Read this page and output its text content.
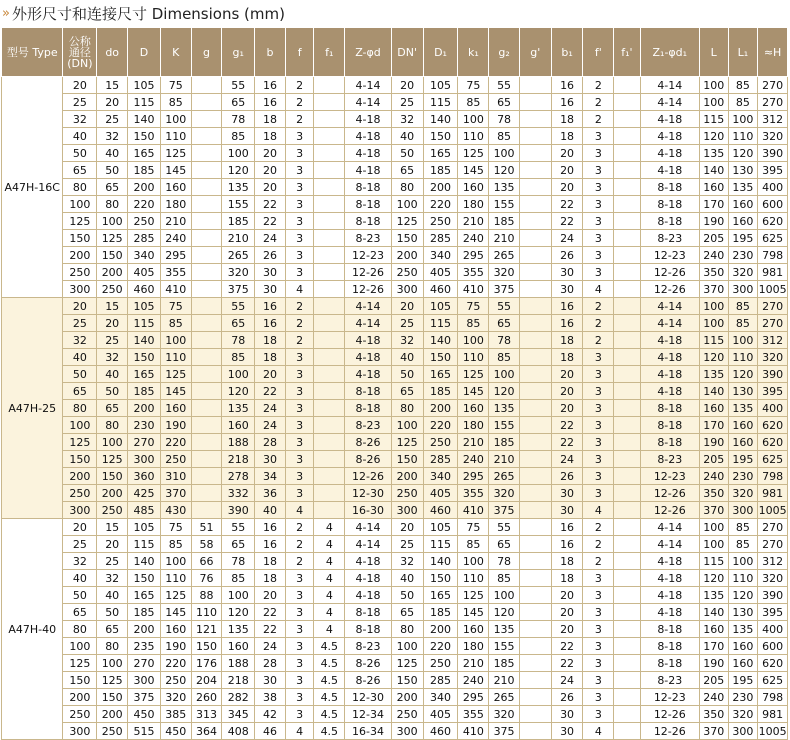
» 外形尺寸和连接尺寸 Dimensions (mm)
型号 Type	公称通径 (DN)	do	D	K	g	g₁	b	f	f₁	Z-φd	DN'	D₁	k₁	g₂	g'	b₁	f'	f₁'	Z₁-φd₁	L	L₁	≈H
A47H-16C	20	15	105	75		55	16	2		4-14	20	105	75	55		16	2		4-14	100	85	270
	25	20	115	85		65	16	2		4-14	25	115	85	65		16	2		4-14	100	85	270
	32	25	140	100		78	18	2		4-18	32	140	100	78		18	2		4-18	115	100	312
	40	32	150	110		85	18	3		4-18	40	150	110	85		18	3		4-18	120	110	320
	50	40	165	125		100	20	3		4-18	50	165	125	100		20	3		4-18	135	120	390
	65	50	185	145		120	20	3		4-18	65	185	145	120		20	3		4-18	140	130	395
	80	65	200	160		135	20	3		8-18	80	200	160	135		20	3		8-18	160	135	400
	100	80	220	180		155	22	3		8-18	100	220	180	155		22	3		8-18	170	160	600
	125	100	250	210		185	22	3		8-18	125	250	210	185		22	3		8-18	190	160	620
	150	125	285	240		210	24	3		8-23	150	285	240	210		24	3		8-23	205	195	625
	200	150	340	295		265	26	3		12-23	200	340	295	265		26	3		12-23	240	230	798
	250	200	405	355		320	30	3		12-26	250	405	355	320		30	3		12-26	350	320	981
	300	250	460	410		375	30	4		12-26	300	460	410	375		30	4		12-26	370	300	1005
A47H-25	20	15	105	75		55	16	2		4-14	20	105	75	55		16	2		4-14	100	85	270
	25	20	115	85		65	16	2		4-14	25	115	85	65		16	2		4-14	100	85	270
	32	25	140	100		78	18	2		4-18	32	140	100	78		18	2		4-18	115	100	312
	40	32	150	110		85	18	3		4-18	40	150	110	85		18	3		4-18	120	110	320
	50	40	165	125		100	20	3		4-18	50	165	125	100		20	3		4-18	135	120	390
	65	50	185	145		120	22	3		8-18	65	185	145	120		20	3		4-18	140	130	395
	80	65	200	160		135	24	3		8-18	80	200	160	135		20	3		8-18	160	135	400
	100	80	230	190		160	24	3		8-23	100	220	180	155		22	3		8-18	170	160	620
	125	100	270	220		188	28	3		8-26	125	250	210	185		22	3		8-18	190	160	620
	150	125	300	250		218	30	3		8-26	150	285	240	210		24	3		8-23	205	195	625
	200	150	360	310		278	34	3		12-26	200	340	295	265		26	3		12-23	240	230	798
	250	200	425	370		332	36	3		12-30	250	405	355	320		30	3		12-26	350	320	981
	300	250	485	430		390	40	4		16-30	300	460	410	375		30	4		12-26	370	300	1005
A47H-40	20	15	105	75	51	55	16	2	4	4-14	20	105	75	55		16	2		4-14	100	85	270
	25	20	115	85	58	65	16	2	4	4-14	25	115	85	65		16	2		4-14	100	85	270
	32	25	140	100	66	78	18	2	4	4-18	32	140	100	78		18	2		4-18	115	100	312
	40	32	150	110	76	85	18	3	4	4-18	40	150	110	85		18	3		4-18	120	110	320
	50	40	165	125	88	100	20	3	4	4-18	50	165	125	100		20	3		4-18	135	120	390
	65	50	185	145	110	120	22	3	4	8-18	65	185	145	120		20	3		4-18	140	130	395
	80	65	200	160	121	135	22	3	4	8-18	80	200	160	135		20	3		8-18	160	135	400
	100	80	235	190	150	160	24	3	4.5	8-23	100	220	180	155		22	3		8-18	170	160	600
	125	100	270	220	176	188	28	3	4.5	8-26	125	250	210	185		22	3		8-18	190	160	620
	150	125	300	250	204	218	30	3	4.5	8-26	150	285	240	210		24	3		8-23	205	195	625
	200	150	375	320	260	282	38	3	4.5	12-30	200	340	295	265		26	3		12-23	240	230	798
	250	200	450	385	313	345	42	3	4.5	12-34	250	405	355	320		30	3		12-26	350	320	981
	300	250	515	450	364	408	46	4	4.5	16-34	300	460	410	375		30	4		12-26	370	300	1005
